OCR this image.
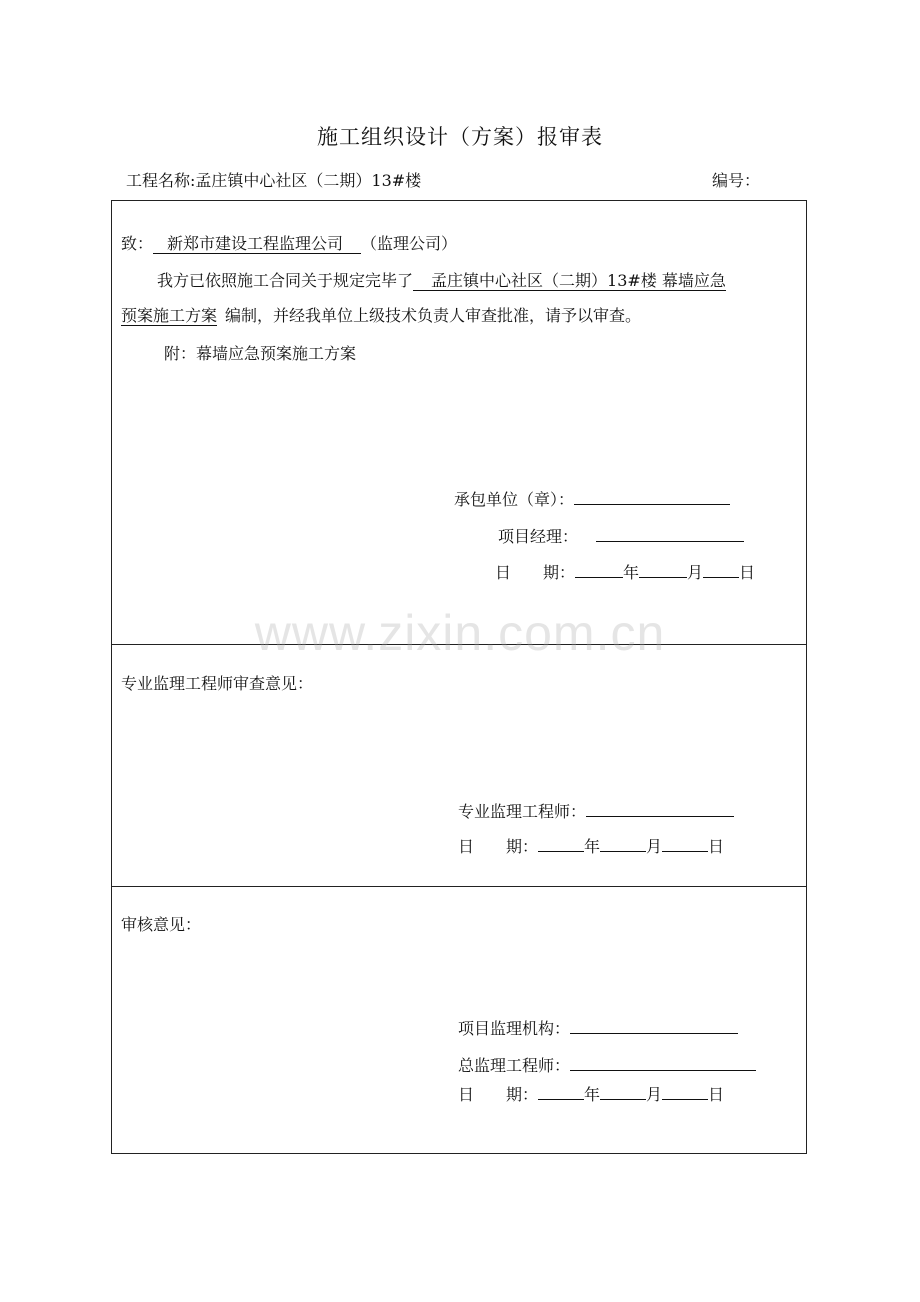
施工组织设计（方案）报审表
工程名称:孟庄镇中心社区（二期）13#楼	编号：
致： 新郑市建设工程监理公司 （监理公司）
我方已依照施工合同关于规定完毕了 孟庄镇中心社区（二期）13#楼 幕墙应急
预案施工方案 编制，并经我单位上级技术负责人审查批准，请予以审查。
附：幕墙应急预案施工方案
承包单位（章）：
项目经理：
日　　期：	年	月 日
专业监理工程师审查意见：
专业监理工程师：
日　　期：	年	月	日
审核意见：
项目监理机构：
总监理工程师：
日　　期：	年	月	日
www.zixin.com.cn
